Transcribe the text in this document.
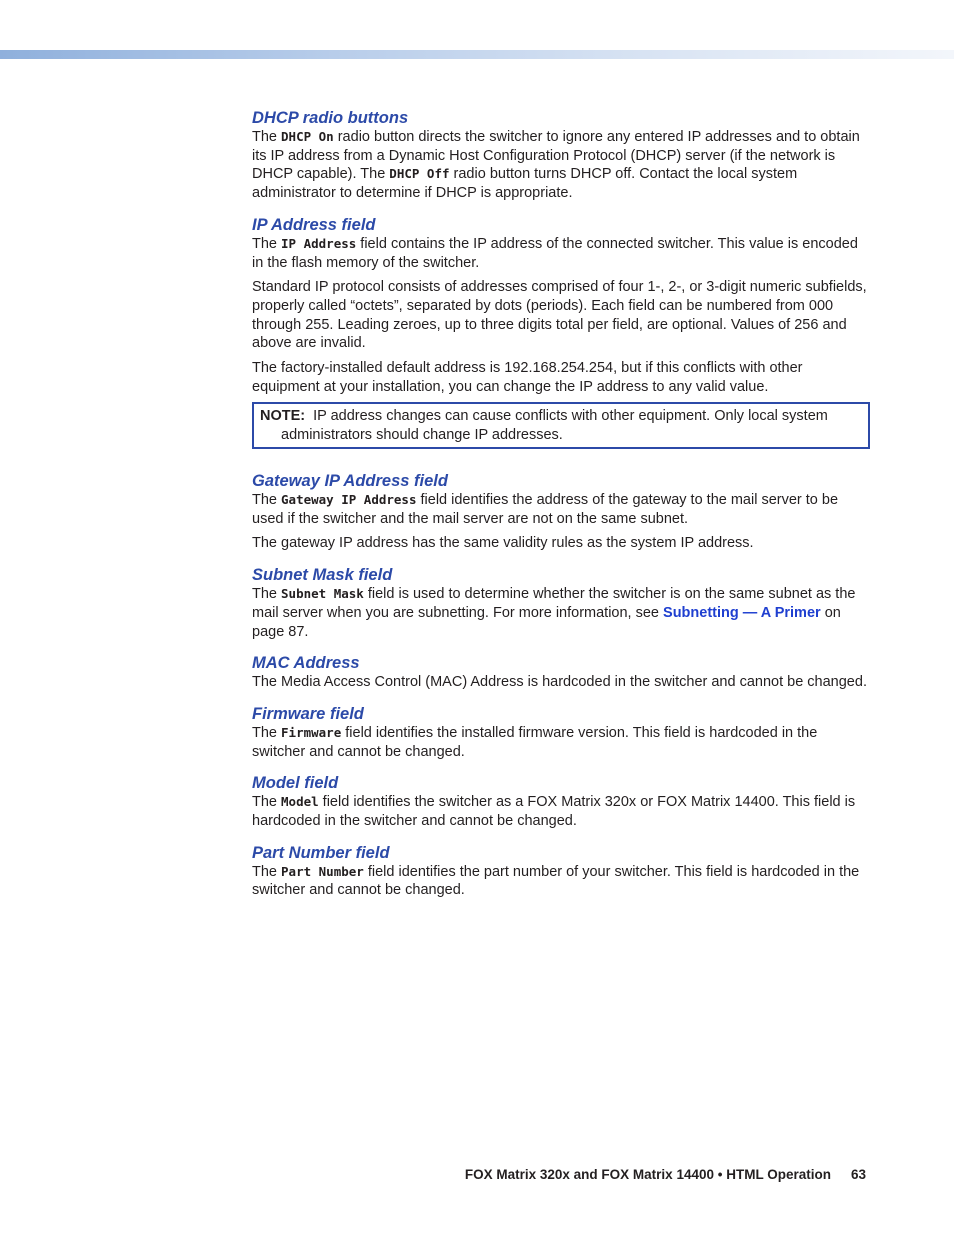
DHCP radio buttons

The DHCP On radio button directs the switcher to ignore any entered IP addresses and to obtain its IP address from a Dynamic Host Configuration Protocol (DHCP) server (if the network is DHCP capable). The DHCP Off radio button turns DHCP off. Contact the local system administrator to determine if DHCP is appropriate.

IP Address field

The IP Address field contains the IP address of the connected switcher. This value is encoded in the flash memory of the switcher.

Standard IP protocol consists of addresses comprised of four 1-, 2-, or 3-digit numeric subfields, properly called “octets”, separated by dots (periods). Each field can be numbered from 000 through 255. Leading zeroes, up to three digits total per field, are optional. Values of 256 and above are invalid.

The factory-installed default address is 192.168.254.254, but if this conflicts with other equipment at your installation, you can change the IP address to any valid value.

NOTE: IP address changes can cause conflicts with other equipment. Only local system
administrators should change IP addresses.
Gateway IP Address field

The Gateway IP Address field identifies the address of the gateway to the mail server to be used if the switcher and the mail server are not on the same subnet.

The gateway IP address has the same validity rules as the system IP address.

Subnet Mask field

The Subnet Mask field is used to determine whether the switcher is on the same subnet as the mail server when you are subnetting. For more information, see Subnetting — A Primer on page 87.

MAC Address

The Media Access Control (MAC) Address is hardcoded in the switcher and cannot be changed.

Firmware field

The Firmware field identifies the installed firmware version. This field is hardcoded in the switcher and cannot be changed.

Model field

The Model field identifies the switcher as a FOX Matrix 320x or FOX Matrix 14400. This field is hardcoded in the switcher and cannot be changed.

Part Number field

The Part Number field identifies the part number of your switcher. This field is hardcoded in the switcher and cannot be changed.

FOX Matrix 320x and FOX Matrix 14400 • HTML Operation 63
